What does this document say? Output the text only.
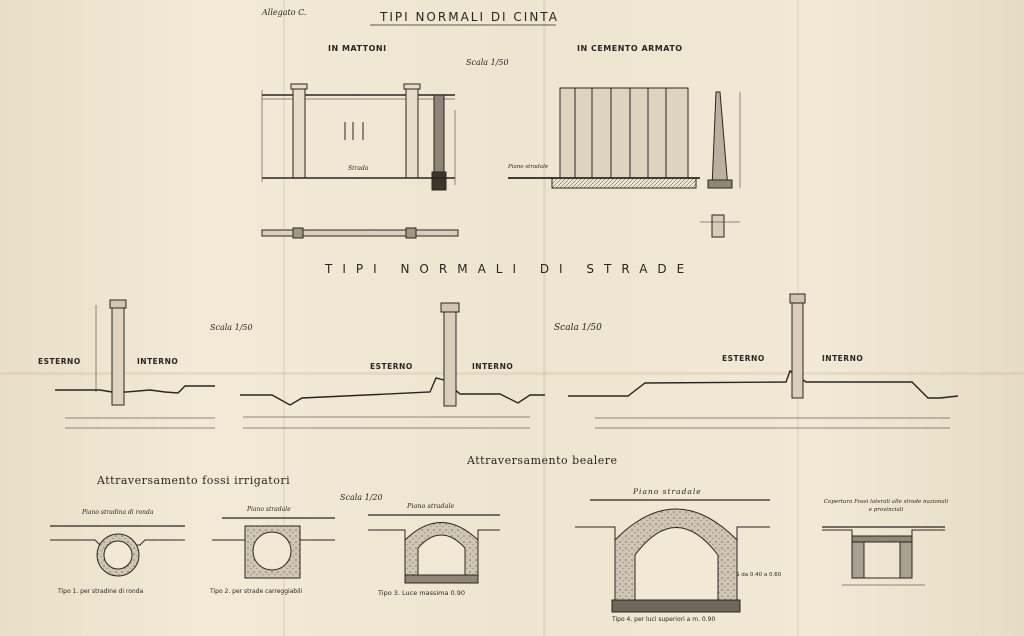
Allegato C.	TIPI NORMALI DI CINTA
IN MATTONI	IN CEMENTO ARMATO
Scala 1/50
Strada	Piano stradale
TIPI NORMALI DI STRADE
Scala 1/50	Scala 1/50
ESTERNO	INTERNO
ESTERNO	INTERNO
ESTERNO	INTERNO
Attraversamento bealere
Attraversamento fossi irrigatori
Scala 1/20
Piano stradina di ronda	Piano stradale	Piano stradale
Piano stradale
Copertura Fossi laterali alle strade nazionali e provinciali
Tipo 1. per stradine di ronda	Tipo 2. per strade carreggiabili	Tipo 3. Luce massima 0.90
Tipo 4. per luci superiori a m. 0.90
S da 0.40 a 0.60
